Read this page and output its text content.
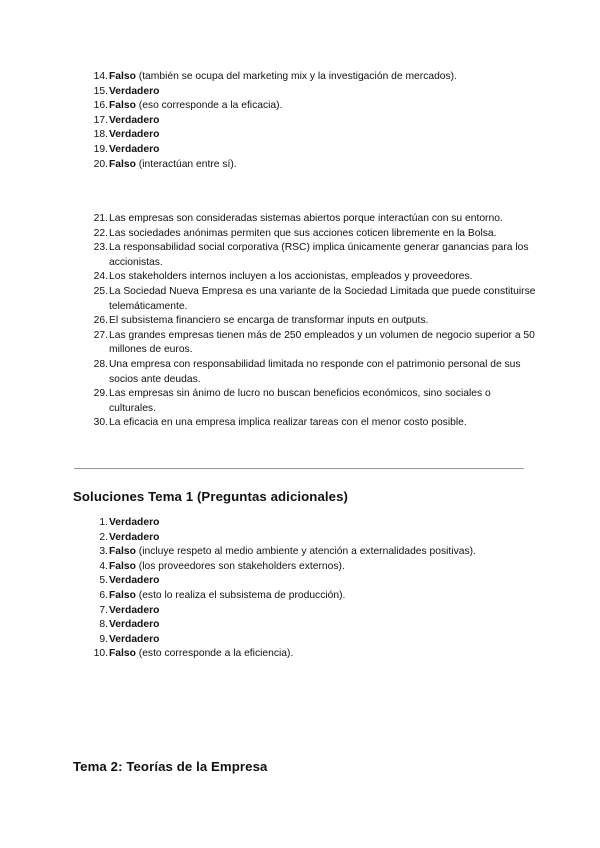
14. Falso (también se ocupa del marketing mix y la investigación de mercados).
15. Verdadero
16. Falso (eso corresponde a la eficacia).
17. Verdadero
18. Verdadero
19. Verdadero
20. Falso (interactúan entre sí).
21. Las empresas son consideradas sistemas abiertos porque interactúan con su entorno.
22. Las sociedades anónimas permiten que sus acciones coticen libremente en la Bolsa.
23. La responsabilidad social corporativa (RSC) implica únicamente generar ganancias para los accionistas.
24. Los stakeholders internos incluyen a los accionistas, empleados y proveedores.
25. La Sociedad Nueva Empresa es una variante de la Sociedad Limitada que puede constituirse telemáticamente.
26. El subsistema financiero se encarga de transformar inputs en outputs.
27. Las grandes empresas tienen más de 250 empleados y un volumen de negocio superior a 50 millones de euros.
28. Una empresa con responsabilidad limitada no responde con el patrimonio personal de sus socios ante deudas.
29. Las empresas sin ánimo de lucro no buscan beneficios económicos, sino sociales o culturales.
30. La eficacia en una empresa implica realizar tareas con el menor costo posible.
Soluciones Tema 1 (Preguntas adicionales)
1. Verdadero
2. Verdadero
3. Falso (incluye respeto al medio ambiente y atención a externalidades positivas).
4. Falso (los proveedores son stakeholders externos).
5. Verdadero
6. Falso (esto lo realiza el subsistema de producción).
7. Verdadero
8. Verdadero
9. Verdadero
10. Falso (esto corresponde a la eficiencia).
Tema 2: Teorías de la Empresa
